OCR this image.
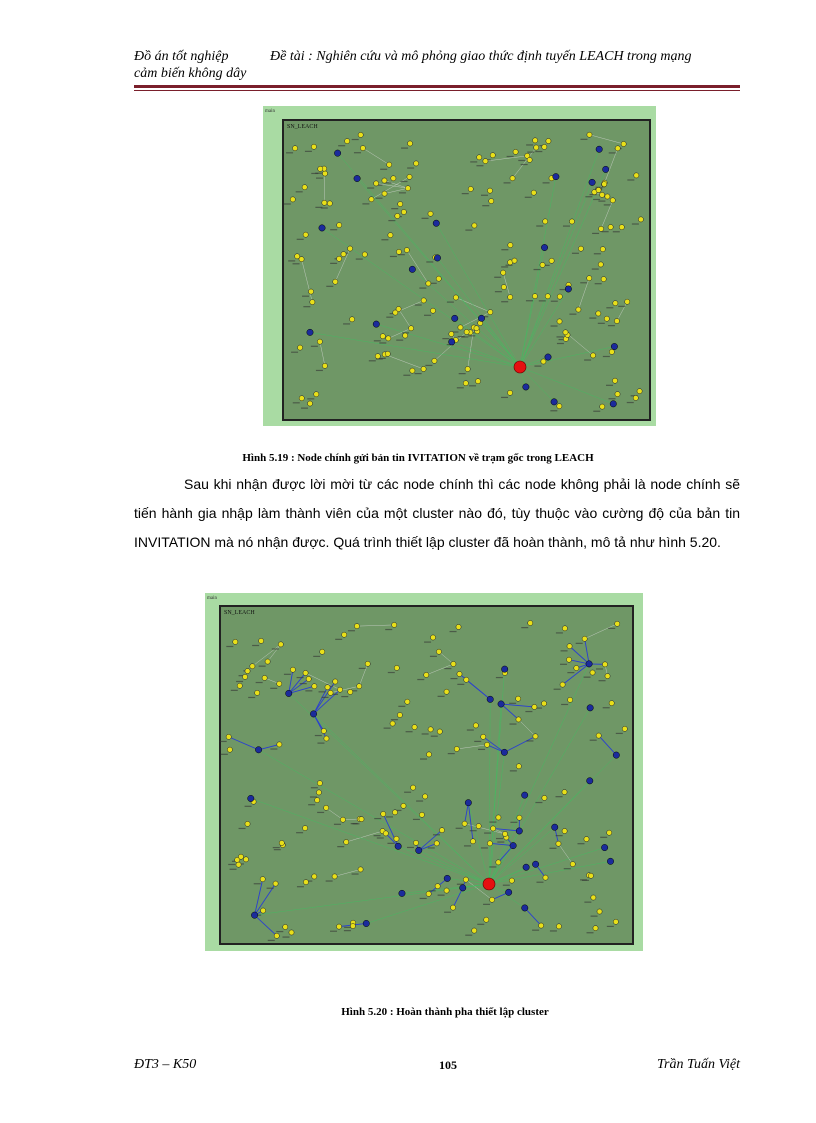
Đồ án tốt nghiệp	Đề tài : Nghiên cứu và mô phỏng giao thức định tuyến LEACH trong mạng
cảm biến không dây
main
SN_LEACH
Hình 5.19 : Node chính gửi bản tin IVITATION về trạm gốc trong LEACH
Sau khi nhận được lời mời từ các node chính thì các node không phải là node chính sẽ tiến hành gia nhập làm thành viên của một cluster nào đó, tùy thuộc vào cường độ của bản tin INVITATION mà nó nhận được. Quá trình thiết lập cluster đã hoàn thành, mô tả như hình 5.20.
main
SN_LEACH
Hình 5.20 : Hoàn thành pha thiết lập cluster
ĐT3 – K50	105	Trần Tuấn Việt
